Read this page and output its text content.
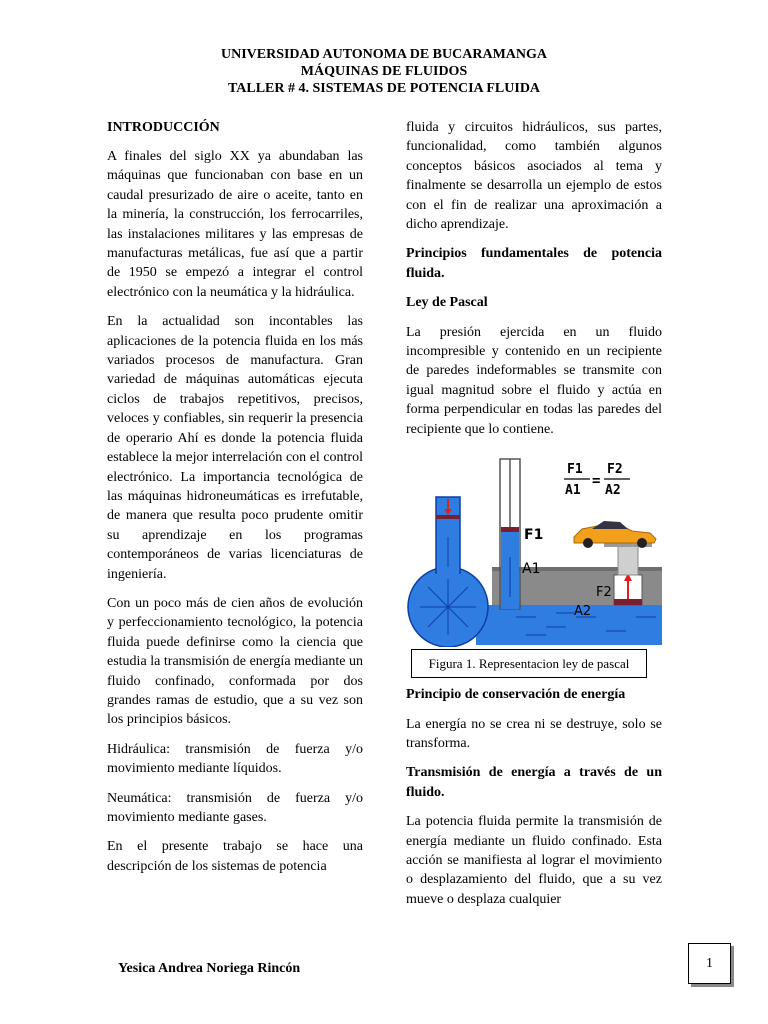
UNIVERSIDAD AUTONOMA DE BUCARAMANGA
MÁQUINAS DE FLUIDOS
TALLER # 4. SISTEMAS DE POTENCIA FLUIDA
INTRODUCCIÓN

A finales del siglo XX ya abundaban las máquinas que funcionaban con base en un caudal presurizado de aire o aceite, tanto en la minería, la construcción, los ferrocarriles, las instalaciones militares y las empresas de manufacturas metálicas, fue así que a partir de 1950 se empezó a integrar el control electrónico con la neumática y la hidráulica.

En la actualidad son incontables las aplicaciones de la potencia fluida en los más variados procesos de manufactura. Gran variedad de máquinas automáticas ejecuta ciclos de trabajos repetitivos, precisos, veloces y confiables, sin requerir la presencia de operario Ahí es donde la potencia fluida establece la mejor interrelación con el control electrónico. La importancia tecnológica de las máquinas hidroneumáticas es irrefutable, de manera que resulta poco prudente omitir su aprendizaje en los programas contemporáneos de varias licenciaturas de ingeniería.

Con un poco más de cien años de evolución y perfeccionamiento tecnológico, la potencia fluida puede definirse como la ciencia que estudia la transmisión de energía mediante un fluido confinado, conformada por dos grandes ramas de estudio, que a su vez son los principios básicos.

Hidráulica: transmisión de fuerza y/o movimiento mediante líquidos.

Neumática: transmisión de fuerza y/o movimiento mediante gases.

En el presente trabajo se hace una descripción de los sistemas de potencia

fluida y circuitos hidráulicos, sus partes, funcionalidad, como también algunos conceptos básicos asociados al tema y finalmente se desarrolla un ejemplo de estos con el fin de realizar una aproximación a dicho aprendizaje.

Principios fundamentales de potencia fluida.
Ley de Pascal

La presión ejercida en un fluido incompresible y contenido en un recipiente de paredes indeformables se transmite con igual magnitud sobre el fluido y actúa en forma perpendicular en todas las paredes del recipiente que lo contiene.

F1
A1
F2
A2
F1
A1
=
F2
A2
Figura 1. Representacion ley de pascal
Principio de conservación de energía

La energía no se crea ni se destruye, solo se transforma.

Transmisión de energía a través de un fluido.

La potencia fluida permite la transmisión de energía mediante un fluido confinado. Esta acción se manifiesta al lograr el movimiento o desplazamiento del fluido, que a su vez mueve o desplaza cualquier

Yesica Andrea Noriega Rincón	1
